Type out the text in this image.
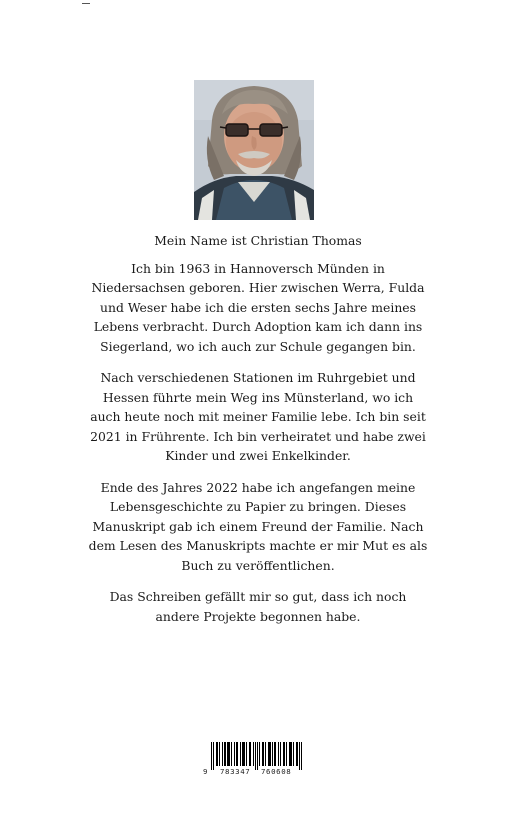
Mein Name ist Christian Thomas

Ich bin 1963 in Hannoversch Münden in Niedersachsen geboren. Hier zwischen Werra, Fulda und Weser habe ich die ersten sechs Jahre meines Lebens verbracht. Durch Adoption kam ich dann ins Siegerland, wo ich auch zur Schule gegangen bin.

Nach verschiedenen Stationen im Ruhrgebiet und Hessen führte mein Weg ins Münsterland, wo ich auch heute noch mit meiner Familie lebe. Ich bin seit 2021 in Frührente. Ich bin verheiratet und habe zwei Kinder und zwei Enkelkinder.

Ende des Jahres 2022 habe ich angefangen meine Lebensgeschichte zu Papier zu bringen. Dieses Manuskript gab ich einem Freund der Familie. Nach dem Lesen des Manuskripts machte er mir Mut es als Buch zu veröffentlichen.

Das Schreiben gefällt mir so gut, dass ich noch andere Projekte begonnen habe.

9 783347 760608
